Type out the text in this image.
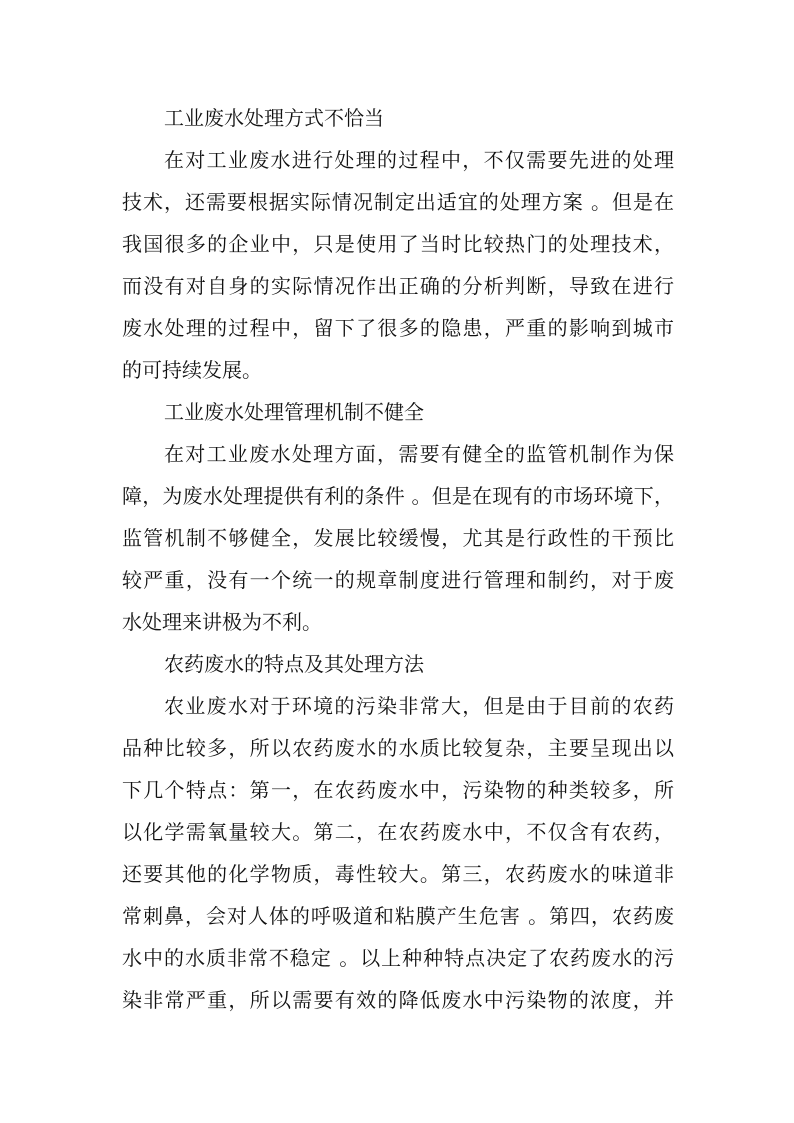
工业废水处理方式不恰当
在对工业废水进行处理的过程中，不仅需要先进的处理
技术，还需要根据实际情况制定出适宜的处理方案 。但是在
我国很多的企业中，只是使用了当时比较热门的处理技术，
而没有对自身的实际情况作出正确的分析判断，导致在进行
废水处理的过程中，留下了很多的隐患，严重的影响到城市
的可持续发展。
工业废水处理管理机制不健全
在对工业废水处理方面，需要有健全的监管机制作为保
障，为废水处理提供有利的条件 。但是在现有的市场环境下，
监管机制不够健全，发展比较缓慢，尤其是行政性的干预比
较严重，没有一个统一的规章制度进行管理和制约，对于废
水处理来讲极为不利。
农药废水的特点及其处理方法
农业废水对于环境的污染非常大，但是由于目前的农药
品种比较多，所以农药废水的水质比较复杂，主要呈现出以
下几个特点：第一，在农药废水中，污染物的种类较多，所
以化学需氧量较大。第二，在农药废水中，不仅含有农药，
还要其他的化学物质，毒性较大。第三，农药废水的味道非
常刺鼻，会对人体的呼吸道和粘膜产生危害 。第四，农药废
水中的水质非常不稳定 。以上种种特点决定了农药废水的污
染非常严重，所以需要有效的降低废水中污染物的浓度，并
